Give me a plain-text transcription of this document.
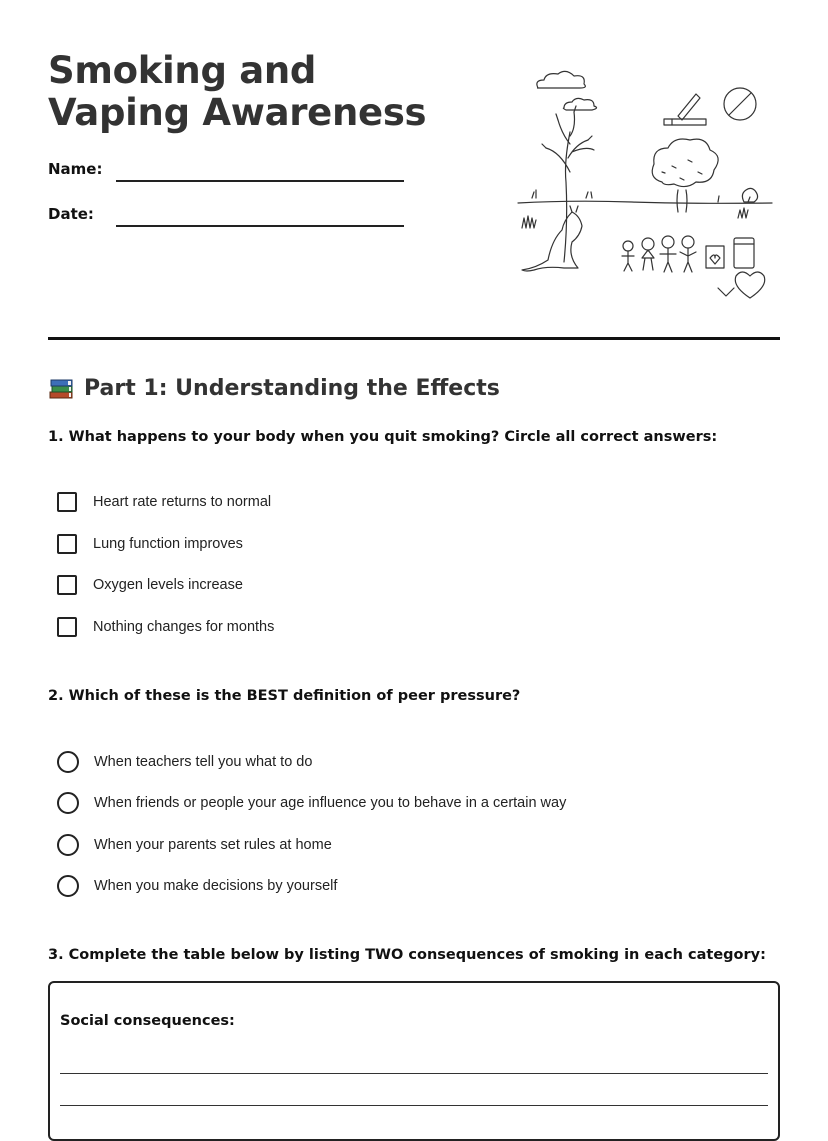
Smoking and Vaping Awareness
Name:
Date:
Part 1: Understanding the Effects
1. What happens to your body when you quit smoking? Circle all correct answers:
Heart rate returns to normal
Lung function improves
Oxygen levels increase
Nothing changes for months
2. Which of these is the BEST definition of peer pressure?
When teachers tell you what to do
When friends or people your age influence you to behave in a certain way
When your parents set rules at home
When you make decisions by yourself
3. Complete the table below by listing TWO consequences of smoking in each category:
Social consequences:
